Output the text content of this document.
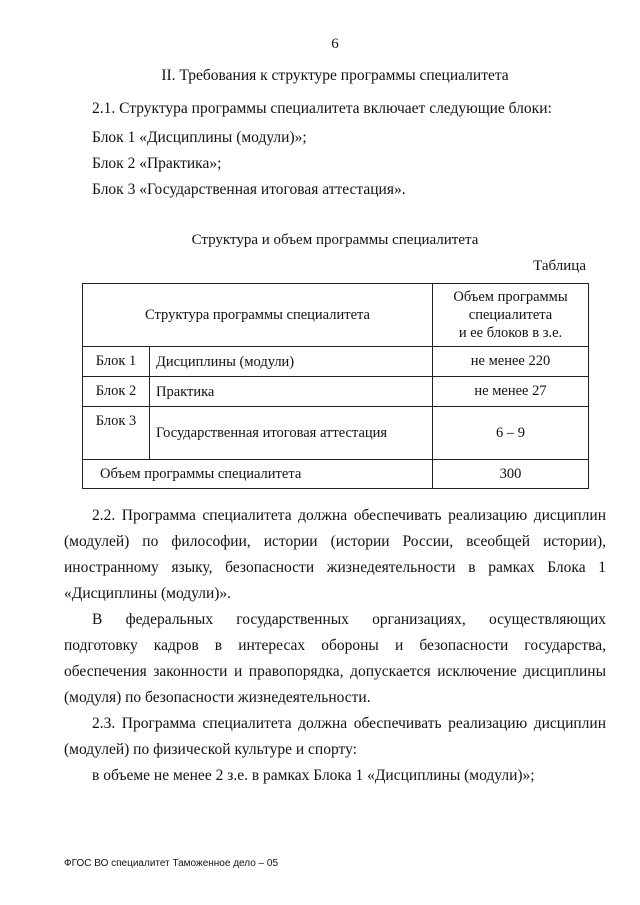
6
II. Требования к структуре программы специалитета
2.1. Структура программы специалитета включает следующие блоки:
Блок 1 «Дисциплины (модули)»;
Блок 2 «Практика»;
Блок 3 «Государственная итоговая аттестация».
Структура и объем программы специалитета
Таблица
Структура программы специалитета		Объем программы
специалитета
и ее блоков в з.е.

Блок 1	Дисциплины (модули)	не менее 220
Блок 2	Практика	не менее 27
Блок 3	Государственная итоговая аттестация	6 – 9
Объем программы специалитета		300
2.2. Программа специалитета должна обеспечивать реализацию дисциплин (модулей) по философии, истории (истории России, всеобщей истории), иностранному языку, безопасности жизнедеятельности в рамках Блока 1 «Дисциплины (модули)».
В федеральных государственных организациях, осуществляющих подготовку кадров в интересах обороны и безопасности государства, обеспечения законности и правопорядка, допускается исключение дисциплины (модуля) по безопасности жизнедеятельности.
2.3. Программа специалитета должна обеспечивать реализацию дисциплин (модулей) по физической культуре и спорту:
в объеме не менее 2 з.е. в рамках Блока 1 «Дисциплины (модули)»;
ФГОС ВО специалитет Таможенное дело – 05
